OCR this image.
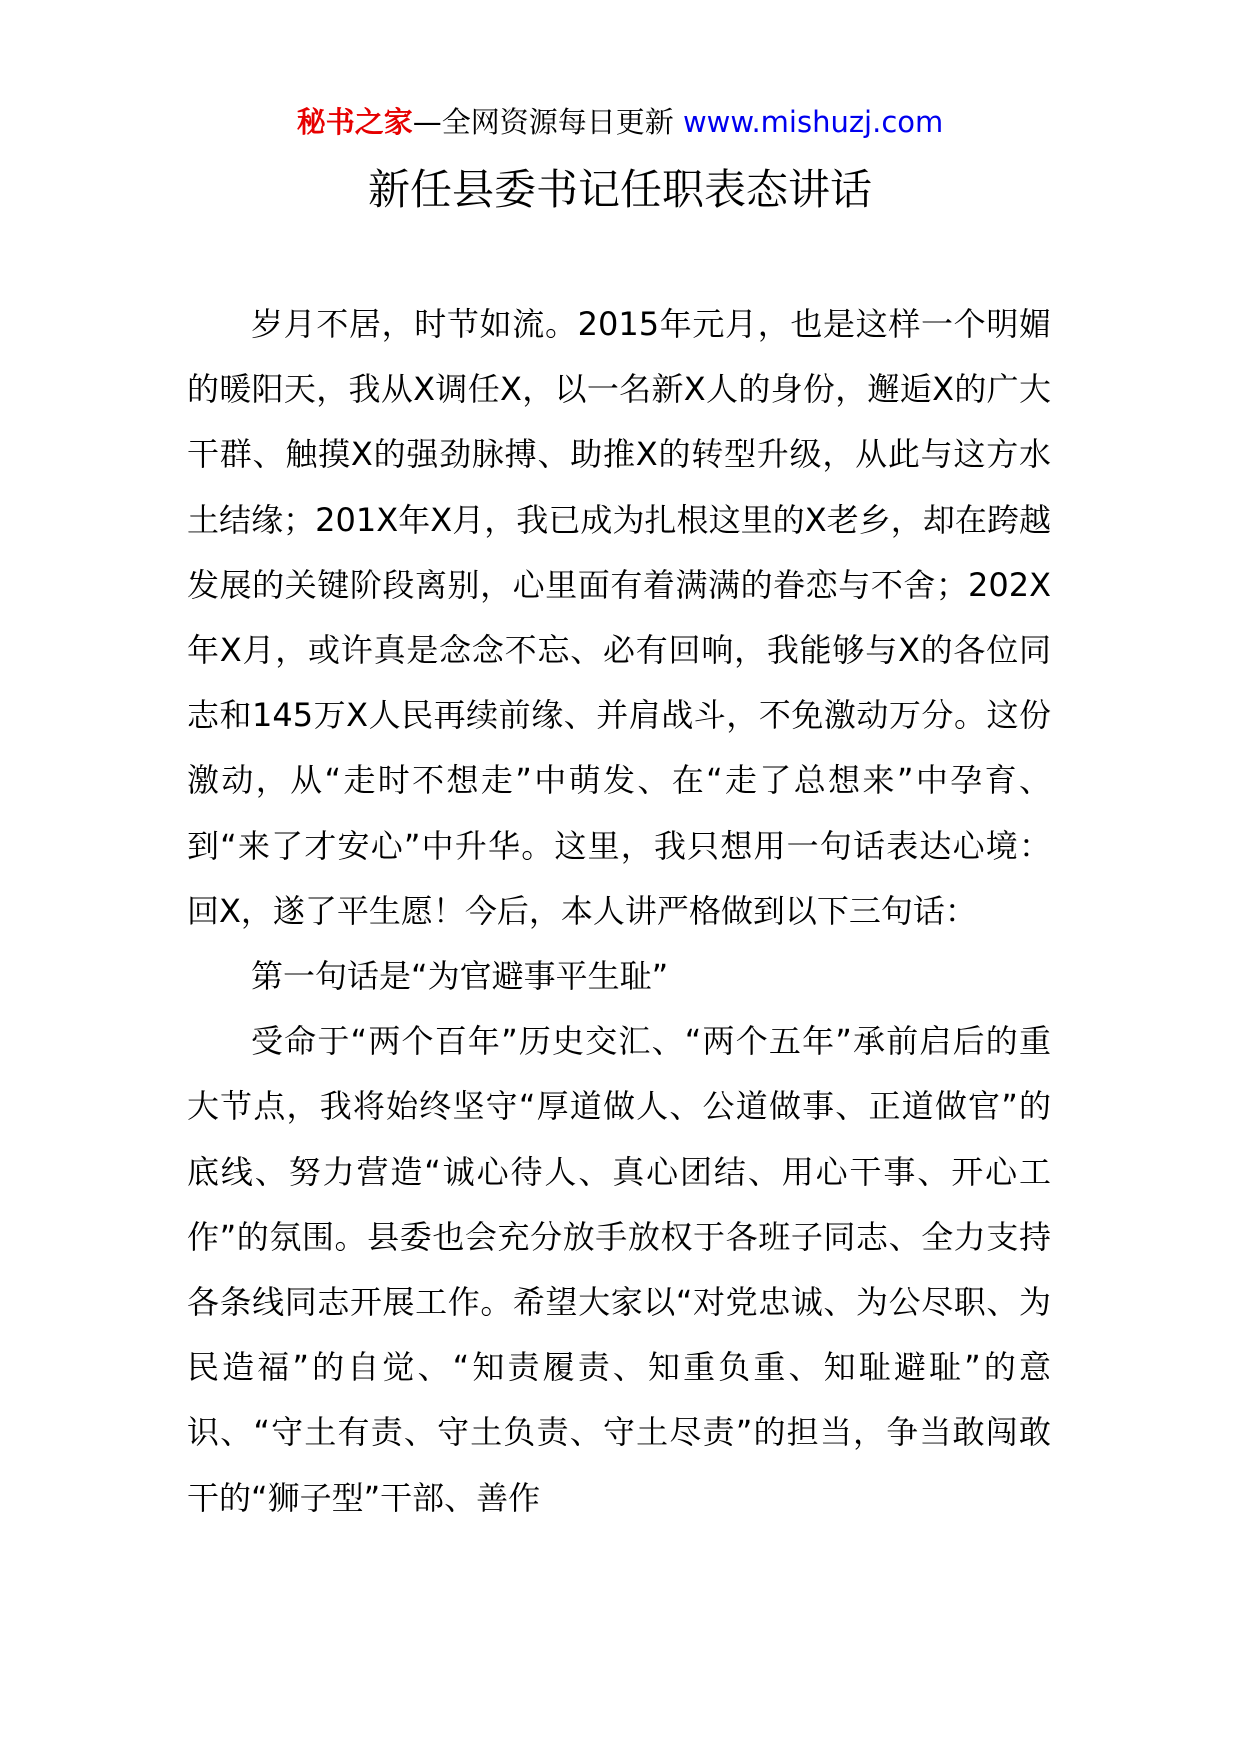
秘书之家—全网资源每日更新 www.mishuzj.com
新任县委书记任职表态讲话

岁月不居，时节如流。2015年元月，也是这样一个明媚的暖阳天，我从X调任X，以一名新X人的身份，邂逅X的广大干群、触摸X的强劲脉搏、助推X的转型升级，从此与这方水土结缘；201X年X月，我已成为扎根这里的X老乡，却在跨越发展的关键阶段离别，心里面有着满满的眷恋与不舍；202X年X月，或许真是念念不忘、必有回响，我能够与X的各位同志和145万X人民再续前缘、并肩战斗，不免激动万分。这份激动，从“走时不想走”中萌发、在“走了总想来”中孕育、到“来了才安心”中升华。这里，我只想用一句话表达心境：回X，遂了平生愿！今后，本人讲严格做到以下三句话：

第一句话是“为官避事平生耻”

受命于“两个百年”历史交汇、“两个五年”承前启后的重大节点，我将始终坚守“厚道做人、公道做事、正道做官”的底线、努力营造“诚心待人、真心团结、用心干事、开心工作”的氛围。县委也会充分放手放权于各班子同志、全力支持各条线同志开展工作。希望大家以“对党忠诚、为公尽职、为民造福”的自觉、“知责履责、知重负重、知耻避耻”的意识、“守土有责、守土负责、守土尽责”的担当，争当敢闯敢干的“狮子型”干部、善作
